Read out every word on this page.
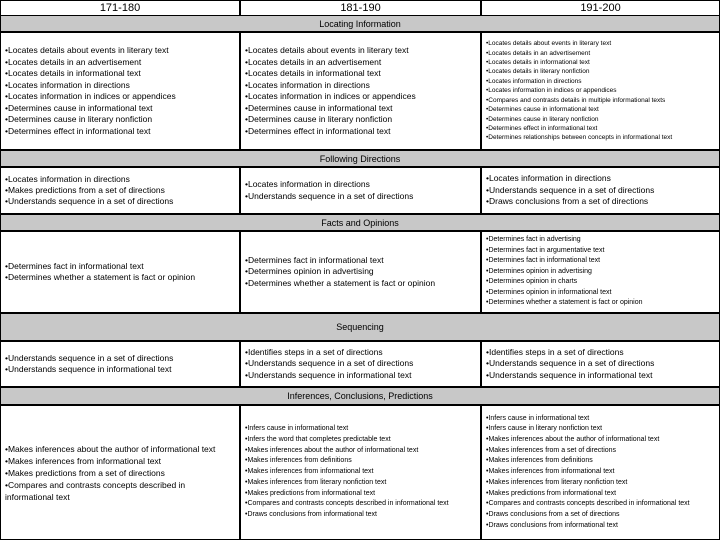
171-180	181-190	191-200
Locating Information
•Locates details about events in literary text
•Locates details in an advertisement
•Locates details in informational text
•Locates information in directions
•Locates information in indices or appendices
•Determines cause in informational text
•Determines cause in literary nonfiction
•Determines effect in informational text
•Locates details about events in literary text
•Locates details in an advertisement
•Locates details in informational text
•Locates information in directions
•Locates information in indices or appendices
•Determines cause in informational text
•Determines cause in literary nonfiction
•Determines effect in informational text
•Locates details about events in literary text
•Locates details in an advertisement
•Locates details in informational text
•Locates details in literary nonfiction
•Locates information in directions
•Locates information in indices or appendices
•Compares and contrasts details in multiple informational texts
•Determines cause in informational text
•Determines cause in literary nonfiction
•Determines effect in informational text
•Determines relationships between concepts in informational text
Following Directions
•Locates information in directions
•Makes predictions from a set of directions
•Understands sequence in a set of directions
•Locates information in directions
•Understands sequence in a set of directions
•Locates information in directions
•Understands sequence in a set of directions
•Draws conclusions from a set of directions
Facts and Opinions
•Determines fact in informational text
•Determines whether a statement is fact or opinion
•Determines fact in informational text
•Determines opinion in advertising
•Determines whether a statement is fact or opinion
•Determines fact in advertising
•Determines fact in argumentative text
•Determines fact in informational text
•Determines opinion in advertising
•Determines opinion in charts
•Determines opinion in informational text
•Determines whether a statement is fact or opinion
Sequencing
•Understands sequence in a set of directions
•Understands sequence in informational text
•Identifies steps in a set of directions
•Understands sequence in a set of directions
•Understands sequence in informational text
•Identifies steps in a set of directions
•Understands sequence in a set of directions
•Understands sequence in informational text
Inferences, Conclusions, Predictions
•Makes inferences about the author of informational text
•Makes inferences from informational text
•Makes predictions from a set of directions
•Compares and contrasts concepts described in informational text
•Infers cause in informational text
•Infers the word that completes predictable text
•Makes inferences about the author of informational text
•Makes inferences from definitions
•Makes inferences from informational text
•Makes inferences from literary nonfiction text
•Makes predictions from informational text
•Compares and contrasts concepts described in informational text
•Draws conclusions from informational text
•Infers cause in informational text
•Infers cause in literary nonfiction text
•Makes inferences about the author of informational text
•Makes inferences from a set of directions
•Makes inferences from definitions
•Makes inferences from informational text
•Makes inferences from literary nonfiction text
•Makes predictions from informational text
•Compares and contrasts concepts described in informational text
•Draws conclusions from a set of directions
•Draws conclusions from informational text
